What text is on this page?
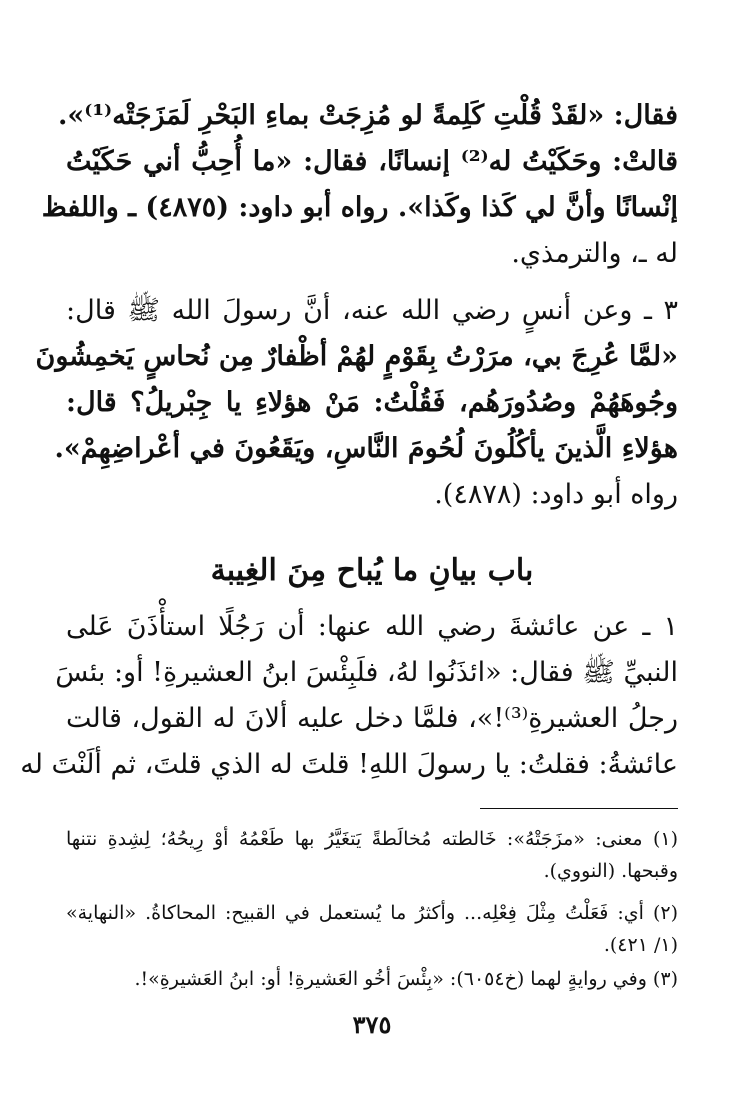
فقال: «لقَدْ قُلْتِ كَلِمةً لو مُزِجَتْ بماءِ البَحْرِ لَمَزَجَتْه⁽¹⁾».
قالتْ: وحَكَيْتُ له⁽²⁾ إنسانًا، فقال: «ما أُحِبُّ أني حَكَيْتُ
إنْسانًا وأنَّ لي كَذا وكَذا». رواه أبو داود: (٤٨٧٥) ـ واللفظ
له ـ، والترمذي.
٣ ـ وعن أنسٍ رضي الله عنه، أنَّ رسولَ الله ﷺ قال:
«لمَّا عُرِجَ بي، مرَرْتُ بِقَوْمٍ لهُمْ أظْفارٌ مِن نُحاسٍ يَخمِشُونَ
وجُوهَهُمْ وصُدُورَهُم، فَقُلْتُ: مَنْ هؤلاءِ يا جِبْريلُ؟ قال:
هؤلاءِ الَّذينَ يأكُلُونَ لُحُومَ النَّاسِ، ويَقَعُونَ في أعْراضِهِمْ».
رواه أبو داود: (٤٨٧٨).
باب بيانِ ما يُباح مِنَ الغِيبة
١ ـ عن عائشةَ رضي الله عنها: أن رَجُلًا استأْذَنَ عَلى
النبيِّ ﷺ فقال: «ائذَنُوا لهُ، فلَبِئْسَ ابنُ العشيرةِ! أو: بئسَ
رجلُ العشيرةِ⁽³⁾!»، فلمَّا دخل عليه ألانَ له القول، قالت
عائشةُ: فقلتُ: يا رسولَ اللهِ! قلتَ له الذي قلتَ، ثم ألَنْتَ له
(١) معنى: «مزَجَتْهُ»: خَالطته مُخالَطةً يَتغَيَّرُ بها طَعْمُهُ أوْ رِيحُهُ؛ لِشِدةِ نتنها
وقبحها. (النووي).
(٢) أي: فَعَلْتُ مِثْلَ فِعْلِه... وأكثرُ ما يُستعمل في القبيح: المحاكاةُ. «النهاية»
(١/ ٤٢١).
(٣) وفي روايةٍ لهما (خ٦٠٥٤): «بِئْسَ أخُو العَشيرةِ! أو: ابنُ العَشيرةِ»!.
٣٧٥
